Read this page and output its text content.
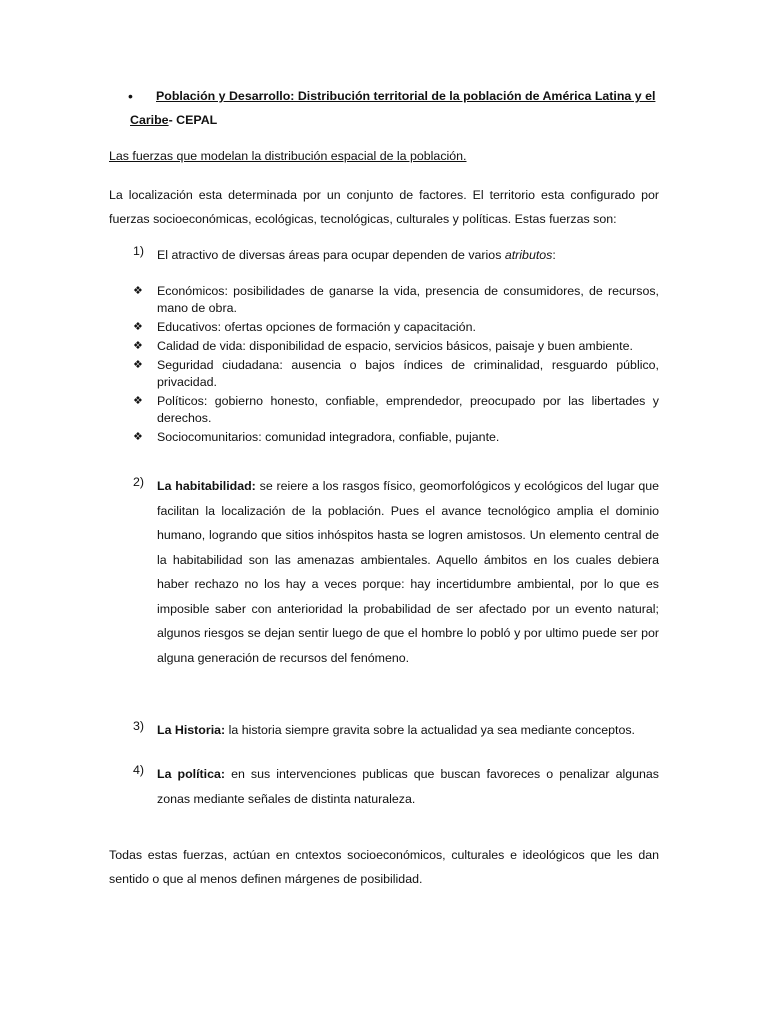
• Población y Desarrollo: Distribución territorial de la población de América Latina y el Caribe- CEPAL
Las fuerzas que modelan la distribución espacial de la población.
La localización esta determinada por un conjunto de factores. El territorio esta configurado por fuerzas socioeconómicas, ecológicas, tecnológicas, culturales y políticas. Estas fuerzas son:
1) El atractivo de diversas áreas para ocupar dependen de varios atributos:
❖ Económicos: posibilidades de ganarse la vida, presencia de consumidores, de recursos, mano de obra.
❖ Educativos: ofertas opciones de formación y capacitación.
❖ Calidad de vida: disponibilidad de espacio, servicios básicos, paisaje y buen ambiente.
❖ Seguridad ciudadana: ausencia o bajos índices de criminalidad, resguardo público, privacidad.
❖ Políticos: gobierno honesto, confiable, emprendedor, preocupado por las libertades y derechos.
❖ Sociocomunitarios: comunidad integradora, confiable, pujante.
2) La habitabilidad: se reiere a los rasgos físico, geomorfológicos y ecológicos del lugar que facilitan la localización de la población. Pues el avance tecnológico amplia el dominio humano, logrando que sitios inhóspitos hasta se logren amistosos. Un elemento central de la habitabilidad son las amenazas ambientales. Aquello ámbitos en los cuales debiera haber rechazo no los hay a veces porque: hay incertidumbre ambiental, por lo que es imposible saber con anterioridad la probabilidad de ser afectado por un evento natural; algunos riesgos se dejan sentir luego de que el hombre lo pobló y por ultimo puede ser por alguna generación de recursos del fenómeno.
3) La Historia: la historia siempre gravita sobre la actualidad ya sea mediante conceptos.
4) La política: en sus intervenciones publicas que buscan favoreces o penalizar algunas zonas mediante señales de distinta naturaleza.
Todas estas fuerzas, actúan en cntextos socioeconómicos, culturales e ideológicos que les dan sentido o que al menos definen márgenes de posibilidad.
